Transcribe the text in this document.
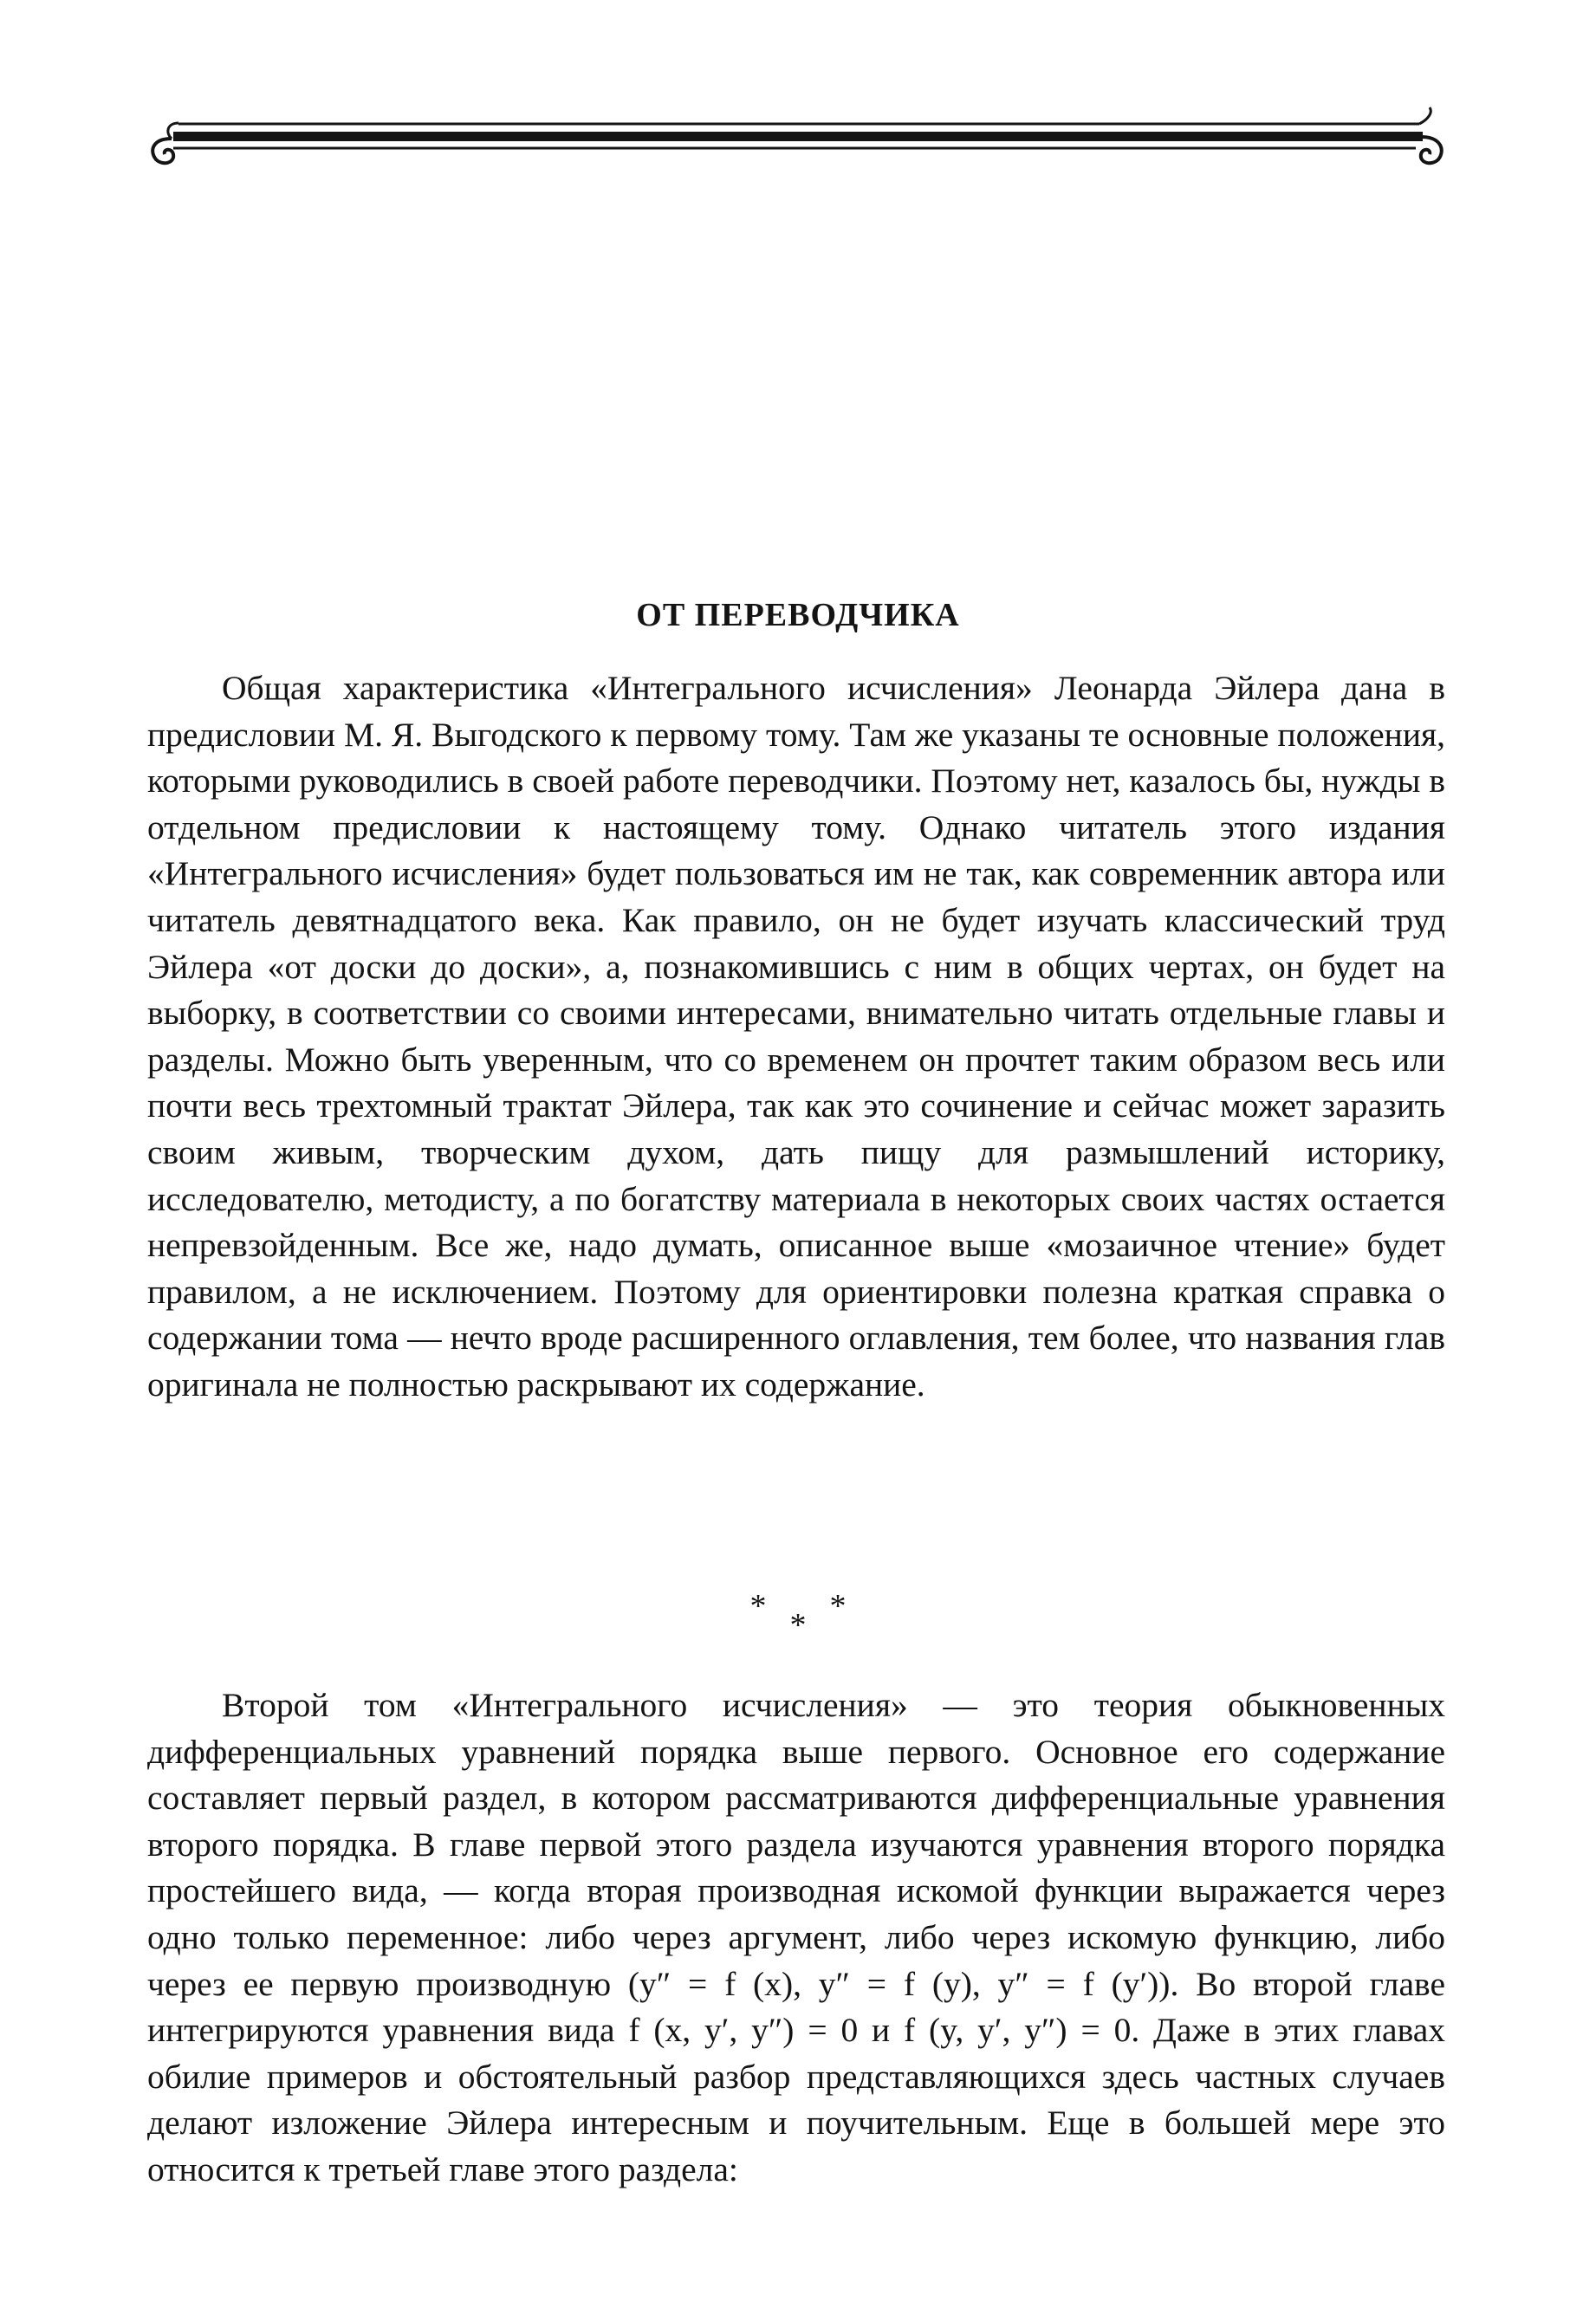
ОТ ПЕРЕВОДЧИКА

Общая характеристика «Интегрального исчисления» Леонарда Эйлера дана в предисловии М. Я. Выгодского к первому тому. Там же указаны те основные положения, которыми руководились в своей работе переводчики. Поэтому нет, казалось бы, нужды в отдельном предисловии к настоящему тому. Однако читатель этого издания «Интегрального исчисления» будет пользоваться им не так, как современник автора или читатель девятнадцатого века. Как правило, он не будет изучать классический труд Эйлера «от доски до доски», а, познакомившись с ним в общих чертах, он будет на выборку, в соответствии со своими интересами, внимательно читать отдельные главы и разделы. Можно быть уверенным, что со временем он прочтет таким образом весь или почти весь трехтомный трактат Эйлера, так как это сочинение и сейчас может заразить своим живым, творческим духом, дать пищу для размышлений историку, исследователю, методисту, а по богатству материала в некоторых своих частях остается непревзойденным. Все же, надо думать, описанное выше «мозаичное чтение» будет правилом, а не исключением. Поэтому для ориентировки полезна краткая справка о содержании тома — нечто вроде расширенного оглавления, тем более, что названия глав оригинала не полностью раскрывают их содержание.

* *
*

Второй том «Интегрального исчисления» — это теория обыкновенных дифференциальных уравнений порядка выше первого. Основное его содержание составляет первый раздел, в котором рассматриваются дифференциальные уравнения второго порядка. В главе первой этого раздела изучаются уравнения второго порядка простейшего вида, — когда вторая производная искомой функции выражается через одно только переменное: либо через аргумент, либо через искомую функцию, либо через ее первую производную (y″ = f (x), y″ = f (y), y″ = f (y′)). Во второй главе интегрируются уравнения вида f (x, y′, y″) = 0 и f (y, y′, y″) = 0. Даже в этих главах обилие примеров и обстоятельный разбор представляющихся здесь частных случаев делают изложение Эйлера интересным и поучительным. Еще в большей мере это относится к третьей главе этого раздела:
